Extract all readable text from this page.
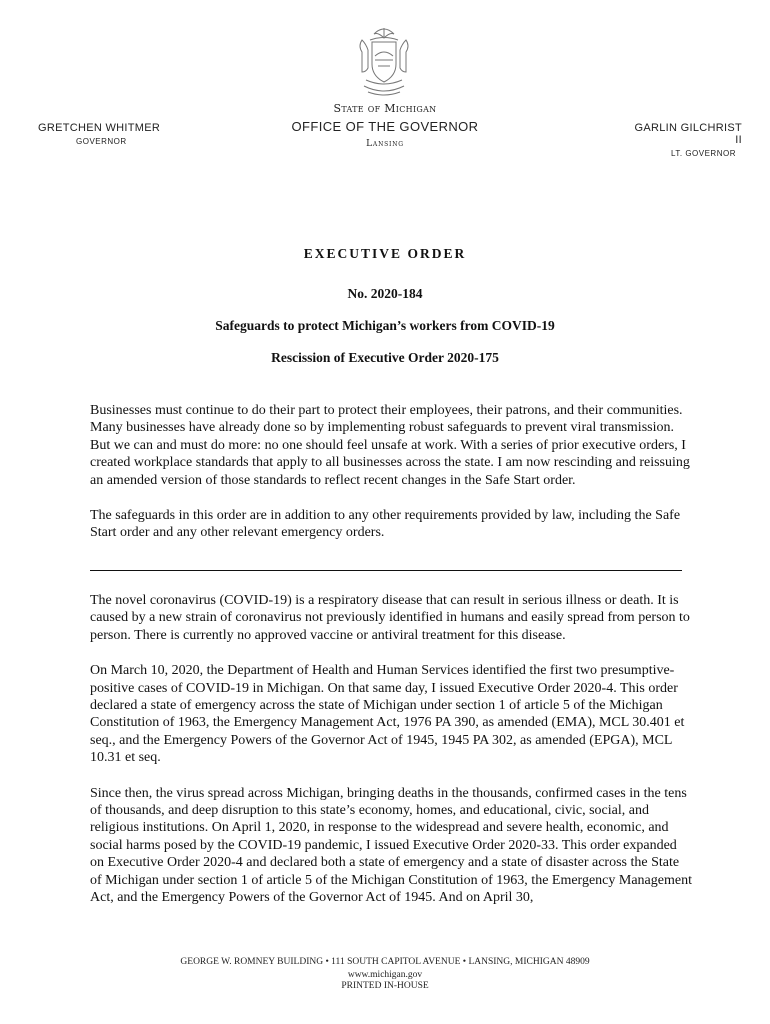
State of Michigan
OFFICE OF THE GOVERNOR
Lansing
GRETCHEN WHITMER
GOVERNOR
GARLIN GILCHRIST II
LT. GOVERNOR
EXECUTIVE ORDER
No. 2020-184
Safeguards to protect Michigan’s workers from COVID-19
Rescission of Executive Order 2020-175

Businesses must continue to do their part to protect their employees, their patrons, and their communities. Many businesses have already done so by implementing robust safeguards to prevent viral transmission. But we can and must do more: no one should feel unsafe at work. With a series of prior executive orders, I created workplace standards that apply to all businesses across the state. I am now rescinding and reissuing an amended version of those standards to reflect recent changes in the Safe Start order.

The safeguards in this order are in addition to any other requirements provided by law, including the Safe Start order and any other relevant emergency orders.

The novel coronavirus (COVID-19) is a respiratory disease that can result in serious illness or death. It is caused by a new strain of coronavirus not previously identified in humans and easily spread from person to person. There is currently no approved vaccine or antiviral treatment for this disease.

On March 10, 2020, the Department of Health and Human Services identified the first two presumptive-positive cases of COVID-19 in Michigan. On that same day, I issued Executive Order 2020-4. This order declared a state of emergency across the state of Michigan under section 1 of article 5 of the Michigan Constitution of 1963, the Emergency Management Act, 1976 PA 390, as amended (EMA), MCL 30.401 et seq., and the Emergency Powers of the Governor Act of 1945, 1945 PA 302, as amended (EPGA), MCL 10.31 et seq.

Since then, the virus spread across Michigan, bringing deaths in the thousands, confirmed cases in the tens of thousands, and deep disruption to this state’s economy, homes, and educational, civic, social, and religious institutions. On April 1, 2020, in response to the widespread and severe health, economic, and social harms posed by the COVID-19 pandemic, I issued Executive Order 2020-33. This order expanded on Executive Order 2020-4 and declared both a state of emergency and a state of disaster across the State of Michigan under section 1 of article 5 of the Michigan Constitution of 1963, the Emergency Management Act, and the Emergency Powers of the Governor Act of 1945. And on April 30,

GEORGE W. ROMNEY BUILDING • 111 SOUTH CAPITOL AVENUE • LANSING, MICHIGAN 48909
www.michigan.gov
PRINTED IN-HOUSE
